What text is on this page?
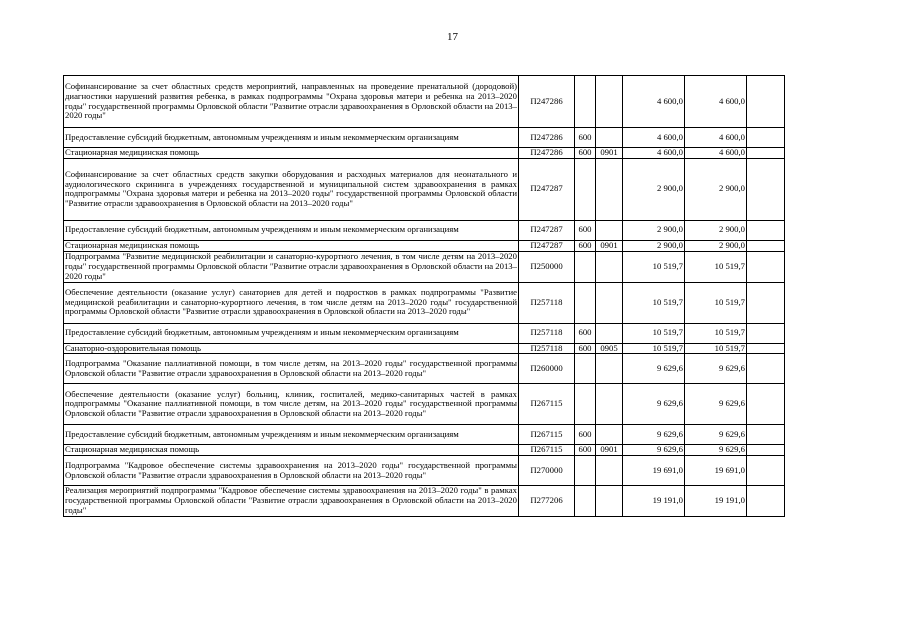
17
Софинансирование за счет областных средств мероприятий, направленных на проведение пренатальной (дородовой) диагностики нарушений развития ребенка, в рамках подпрограммы "Охрана здоровья матери и ребенка на 2013–2020 годы" государственной программы Орловской области "Развитие отрасли здравоохранения в Орловской области на 2013–2020 годы"	П247286			4 600,0	4 600,0	
Предоставление субсидий бюджетным, автономным учреждениям и иным некоммерческим организациям	П247286	600		4 600,0	4 600,0	
Стационарная медицинская помощь	П247286	600	0901	4 600,0	4 600,0	
Софинансирование за счет областных средств закупки оборудования и расходных материалов для неонатального и аудиологического скрининга в учреждениях государственной и муниципальной систем здравоохранения в рамках подпрограммы "Охрана здоровья матери и ребенка на 2013–2020 годы" государственной программы Орловской области "Развитие отрасли здравоохранения в Орловской области на 2013–2020 годы"	П247287			2 900,0	2 900,0	
Предоставление субсидий бюджетным, автономным учреждениям и иным некоммерческим организациям	П247287	600		2 900,0	2 900,0	
Стационарная медицинская помощь	П247287	600	0901	2 900,0	2 900,0	
Подпрограмма "Развитие медицинской реабилитации и санаторно-курортного лечения, в том числе детям на 2013–2020 годы" государственной программы Орловской области "Развитие отрасли здравоохранения в Орловской области на 2013–2020 годы"	П250000			10 519,7	10 519,7	
Обеспечение деятельности (оказание услуг) санаториев для детей и подростков в рамках подпрограммы "Развитие медицинской реабилитации и санаторно-курортного лечения, в том числе детям на 2013–2020 годы" государственной программы Орловской области "Развитие отрасли здравоохранения в Орловской области на 2013–2020 годы"	П257118			10 519,7	10 519,7	
Предоставление субсидий бюджетным, автономным учреждениям и иным некоммерческим организациям	П257118	600		10 519,7	10 519,7	
Санаторно-оздоровительная помощь	П257118	600	0905	10 519,7	10 519,7	
Подпрограмма "Оказание паллиативной помощи, в том числе детям, на 2013–2020 годы" государственной программы Орловской области "Развитие отрасли здравоохранения в Орловской области на 2013–2020 годы"	П260000			9 629,6	9 629,6	
Обеспечение деятельности (оказание услуг) больниц, клиник, госпиталей, медико-санитарных частей в рамках подпрограммы "Оказание паллиативной помощи, в том числе детям, на 2013–2020 годы" государственной программы Орловской области "Развитие отрасли здравоохранения в Орловской области на 2013–2020 годы"	П267115			9 629,6	9 629,6	
Предоставление субсидий бюджетным, автономным учреждениям и иным некоммерческим организациям	П267115	600		9 629,6	9 629,6	
Стационарная медицинская помощь	П267115	600	0901	9 629,6	9 629,6	
Подпрограмма "Кадровое обеспечение системы здравоохранения на 2013–2020 годы" государственной программы Орловской области "Развитие отрасли здравоохранения в Орловской области на 2013–2020 годы"	П270000			19 691,0	19 691,0	
Реализация мероприятий подпрограммы "Кадровое обеспечение системы здравоохранения на 2013–2020 годы" в рамках государственной программы Орловской области "Развитие отрасли здравоохранения в Орловской области на 2013–2020 годы"	П277206			19 191,0	19 191,0	
